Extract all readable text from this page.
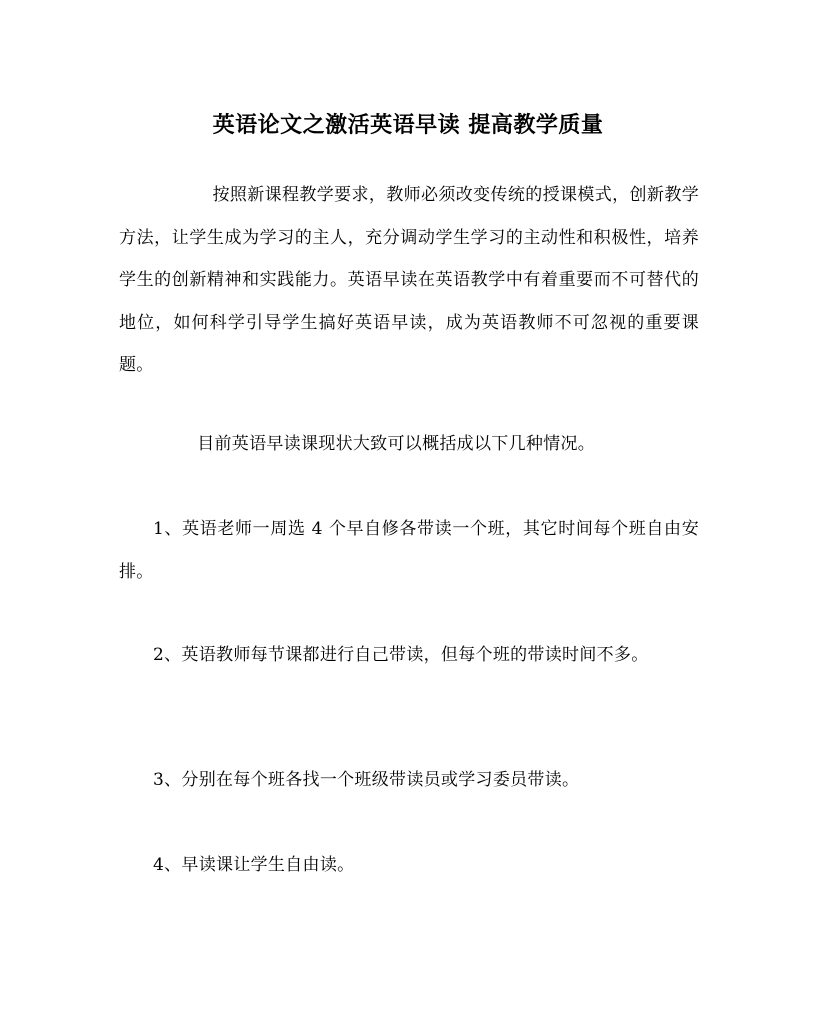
英语论文之激活英语早读 提高教学质量

按照新课程教学要求，教师必须改变传统的授课模式，创新教学方法，让学生成为学习的主人，充分调动学生学习的主动性和积极性，培养学生的创新精神和实践能力。英语早读在英语教学中有着重要而不可替代的地位，如何科学引导学生搞好英语早读，成为英语教师不可忽视的重要课题。

目前英语早读课现状大致可以概括成以下几种情况。

1、英语老师一周选 4 个早自修各带读一个班，其它时间每个班自由安排。

2、英语教师每节课都进行自己带读，但每个班的带读时间不多。

3、分别在每个班各找一个班级带读员或学习委员带读。

4、早读课让学生自由读。
